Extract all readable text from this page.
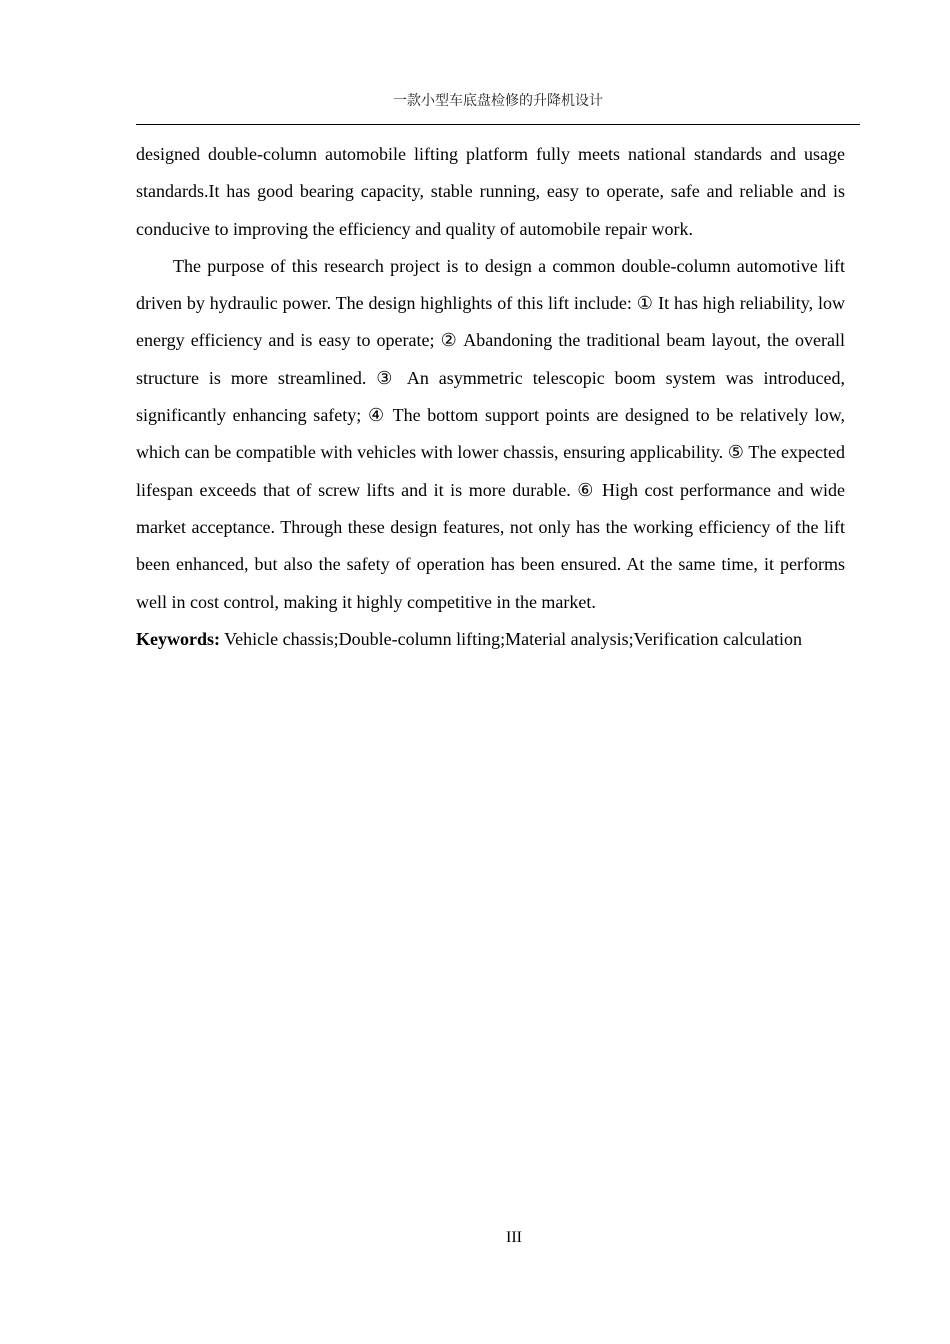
一款小型车底盘检修的升降机设计

designed double-column automobile lifting platform fully meets national standards and usage standards.It has good bearing capacity, stable running, easy to operate, safe and reliable and is conducive to improving the efficiency and quality of automobile repair work.

The purpose of this research project is to design a common double-column automotive lift driven by hydraulic power. The design highlights of this lift include: ① It has high reliability, low energy efficiency and is easy to operate; ② Abandoning the traditional beam layout, the overall structure is more streamlined. ③ An asymmetric telescopic boom system was introduced, significantly enhancing safety; ④ The bottom support points are designed to be relatively low, which can be compatible with vehicles with lower chassis, ensuring applicability. ⑤ The expected lifespan exceeds that of screw lifts and it is more durable. ⑥ High cost performance and wide market acceptance. Through these design features, not only has the working efficiency of the lift been enhanced, but also the safety of operation has been ensured. At the same time, it performs well in cost control, making it highly competitive in the market.

Keywords: Vehicle chassis;Double-column lifting;Material analysis;Verification calculation

III
